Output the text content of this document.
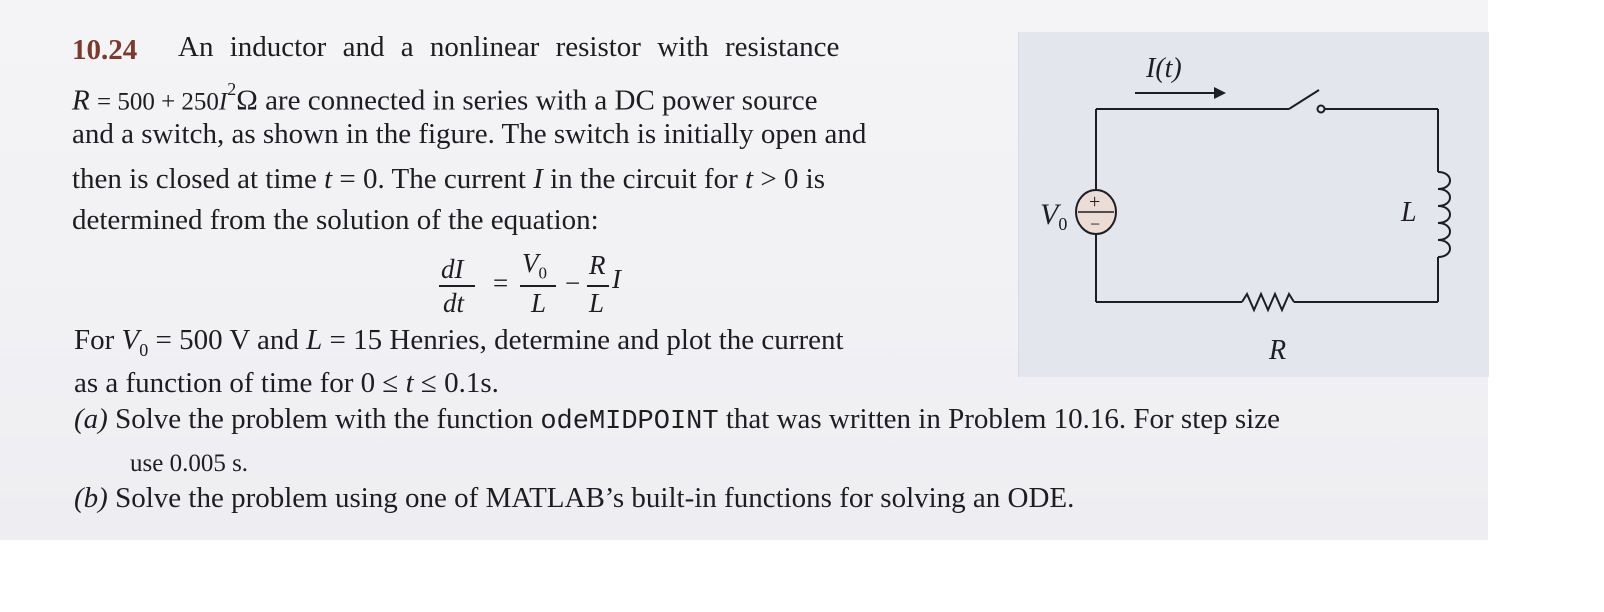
10.24 An inductor and a nonlinear resistor with resistance
$R = 500 + 250I^2\Omega$ are connected in series with a DC power source
and a switch, as shown in the figure. The switch is initially open and
then is closed at time t = 0. The current I in the circuit for t > 0 is
determined from the solution of the equation:
dI
dt
=
$V_0$
L
−
R
L
I
For $V_0 = 500$ V and L = 15 Henries, determine and plot the current
as a function of time for 0 ≤ t ≤ 0.1s.
(a) Solve the problem with the function odeMIDPOINT that was written in Problem 10.16. For step size
use 0.005 s.
(b) Solve the problem using one of MATLAB’s built-in functions for solving an ODE.
I(t)
+
−
$V_0$	L
R
